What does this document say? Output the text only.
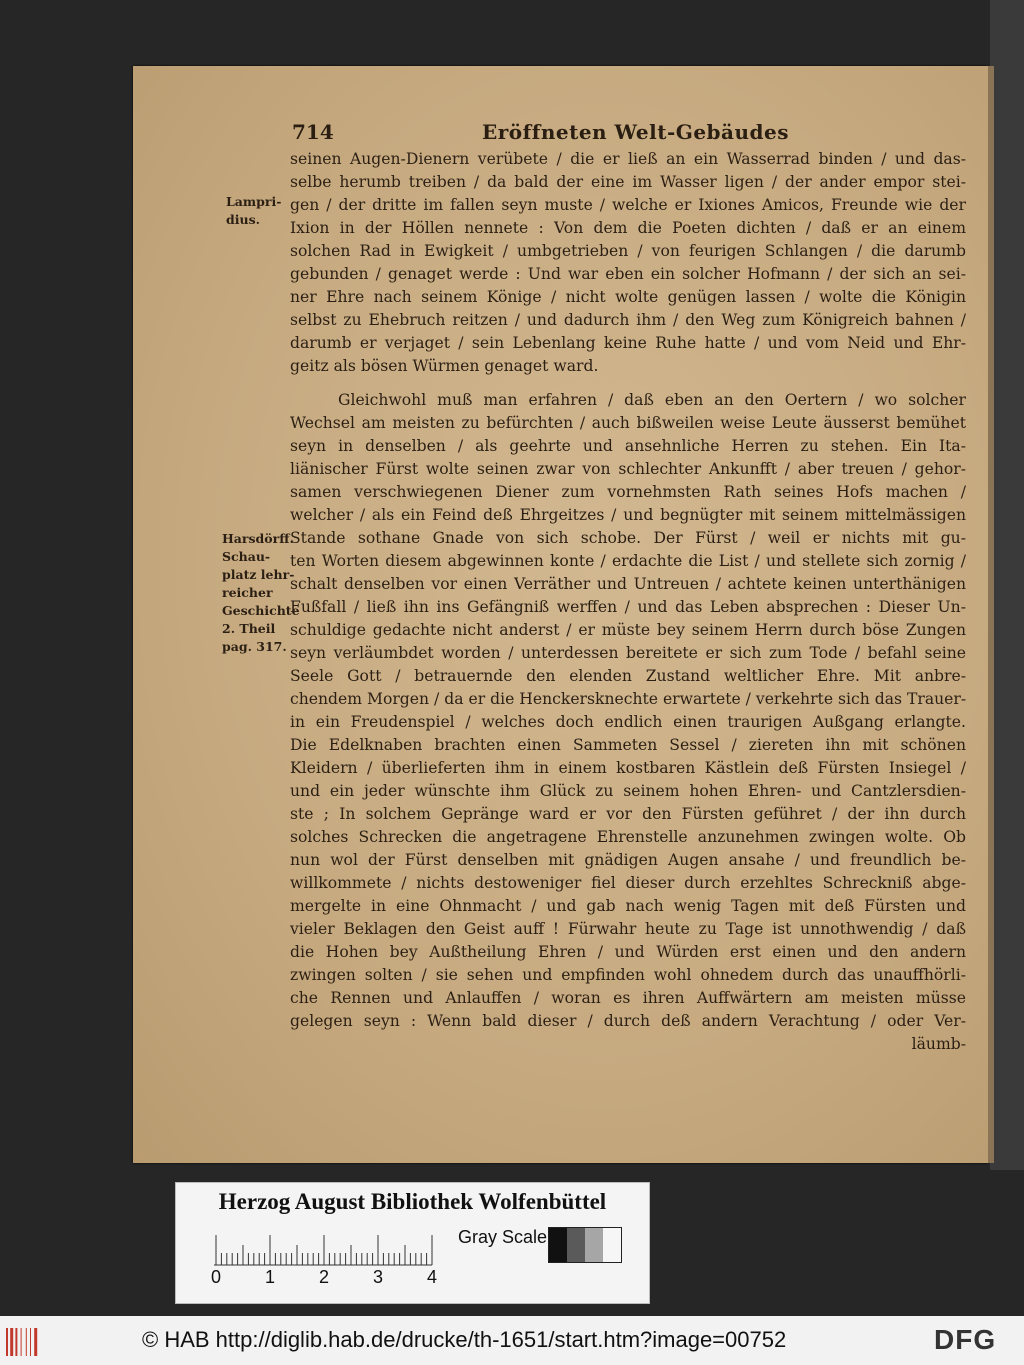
714	Eröffneten Welt-Gebäudes
Lampri-
dius.
Harsdörff.
Schau-
platz lehr-
reicher
Geschichte
2. Theil
pag. 317.
seinen Augen-Dienern verübete / die er ließ an ein Wasserrad binden / und das-
selbe herumb treiben / da bald der eine im Wasser ligen / der ander empor stei-
gen / der dritte im fallen seyn muste / welche er Ixiones Amicos, Freunde wie der
Ixion in der Höllen nennete : Von dem die Poeten dichten / daß er an einem
solchen Rad in Ewigkeit / umbgetrieben / von feurigen Schlangen / die darumb
gebunden / genaget werde : Und war eben ein solcher Hofmann / der sich an sei-
ner Ehre nach seinem Könige / nicht wolte genügen lassen / wolte die Königin
selbst zu Ehebruch reitzen / und dadurch ihm / den Weg zum Königreich bahnen /
darumb er verjaget / sein Lebenlang keine Ruhe hatte / und vom Neid und Ehr-
geitz als bösen Würmen genaget ward.
Gleichwohl muß man erfahren / daß eben an den Oertern / wo solcher
Wechsel am meisten zu befürchten / auch bißweilen weise Leute äusserst bemühet
seyn in denselben / als geehrte und ansehnliche Herren zu stehen. Ein Ita-
liänischer Fürst wolte seinen zwar von schlechter Ankunfft / aber treuen / gehor-
samen verschwiegenen Diener zum vornehmsten Rath seines Hofs machen /
welcher / als ein Feind deß Ehrgeitzes / und begnügter mit seinem mittelmässigen
Stande sothane Gnade von sich schobe. Der Fürst / weil er nichts mit gu-
ten Worten diesem abgewinnen konte / erdachte die List / und stellete sich zornig /
schalt denselben vor einen Verräther und Untreuen / achtete keinen unterthänigen
Fußfall / ließ ihn ins Gefängniß werffen / und das Leben absprechen : Dieser Un-
schuldige gedachte nicht anderst / er müste bey seinem Herrn durch böse Zungen
seyn verläumbdet worden / unterdessen bereitete er sich zum Tode / befahl seine
Seele Gott / betrauernde den elenden Zustand weltlicher Ehre. Mit anbre-
chendem Morgen / da er die Henckersknechte erwartete / verkehrte sich das Trauer-
in ein Freudenspiel / welches doch endlich einen traurigen Außgang erlangte.
Die Edelknaben brachten einen Sammeten Sessel / ziereten ihn mit schönen
Kleidern / überlieferten ihm in einem kostbaren Kästlein deß Fürsten Insiegel /
und ein jeder wünschte ihm Glück zu seinem hohen Ehren- und Cantzlersdien-
ste ; In solchem Gepränge ward er vor den Fürsten geführet / der ihn durch
solches Schrecken die angetragene Ehrenstelle anzunehmen zwingen wolte. Ob
nun wol der Fürst denselben mit gnädigen Augen ansahe / und freundlich be-
willkommete / nichts destoweniger fiel dieser durch erzehltes Schreckniß abge-
mergelte in eine Ohnmacht / und gab nach wenig Tagen mit deß Fürsten und
vieler Beklagen den Geist auff ! Fürwahr heute zu Tage ist unnothwendig / daß
die Hohen bey Außtheilung Ehren / und Würden erst einen und den andern
zwingen solten / sie sehen und empfinden wohl ohnedem durch das unauffhörli-
che Rennen und Anlauffen / woran es ihren Auffwärtern am meisten müsse
gelegen seyn : Wenn bald dieser / durch deß andern Verachtung / oder Ver-
läumb-
Herzog August Bibliothek Wolfenbüttel
0 1 2 3 4
Gray Scale
© HAB http://diglib.hab.de/drucke/th-1651/start.htm?image=00752	DFG
